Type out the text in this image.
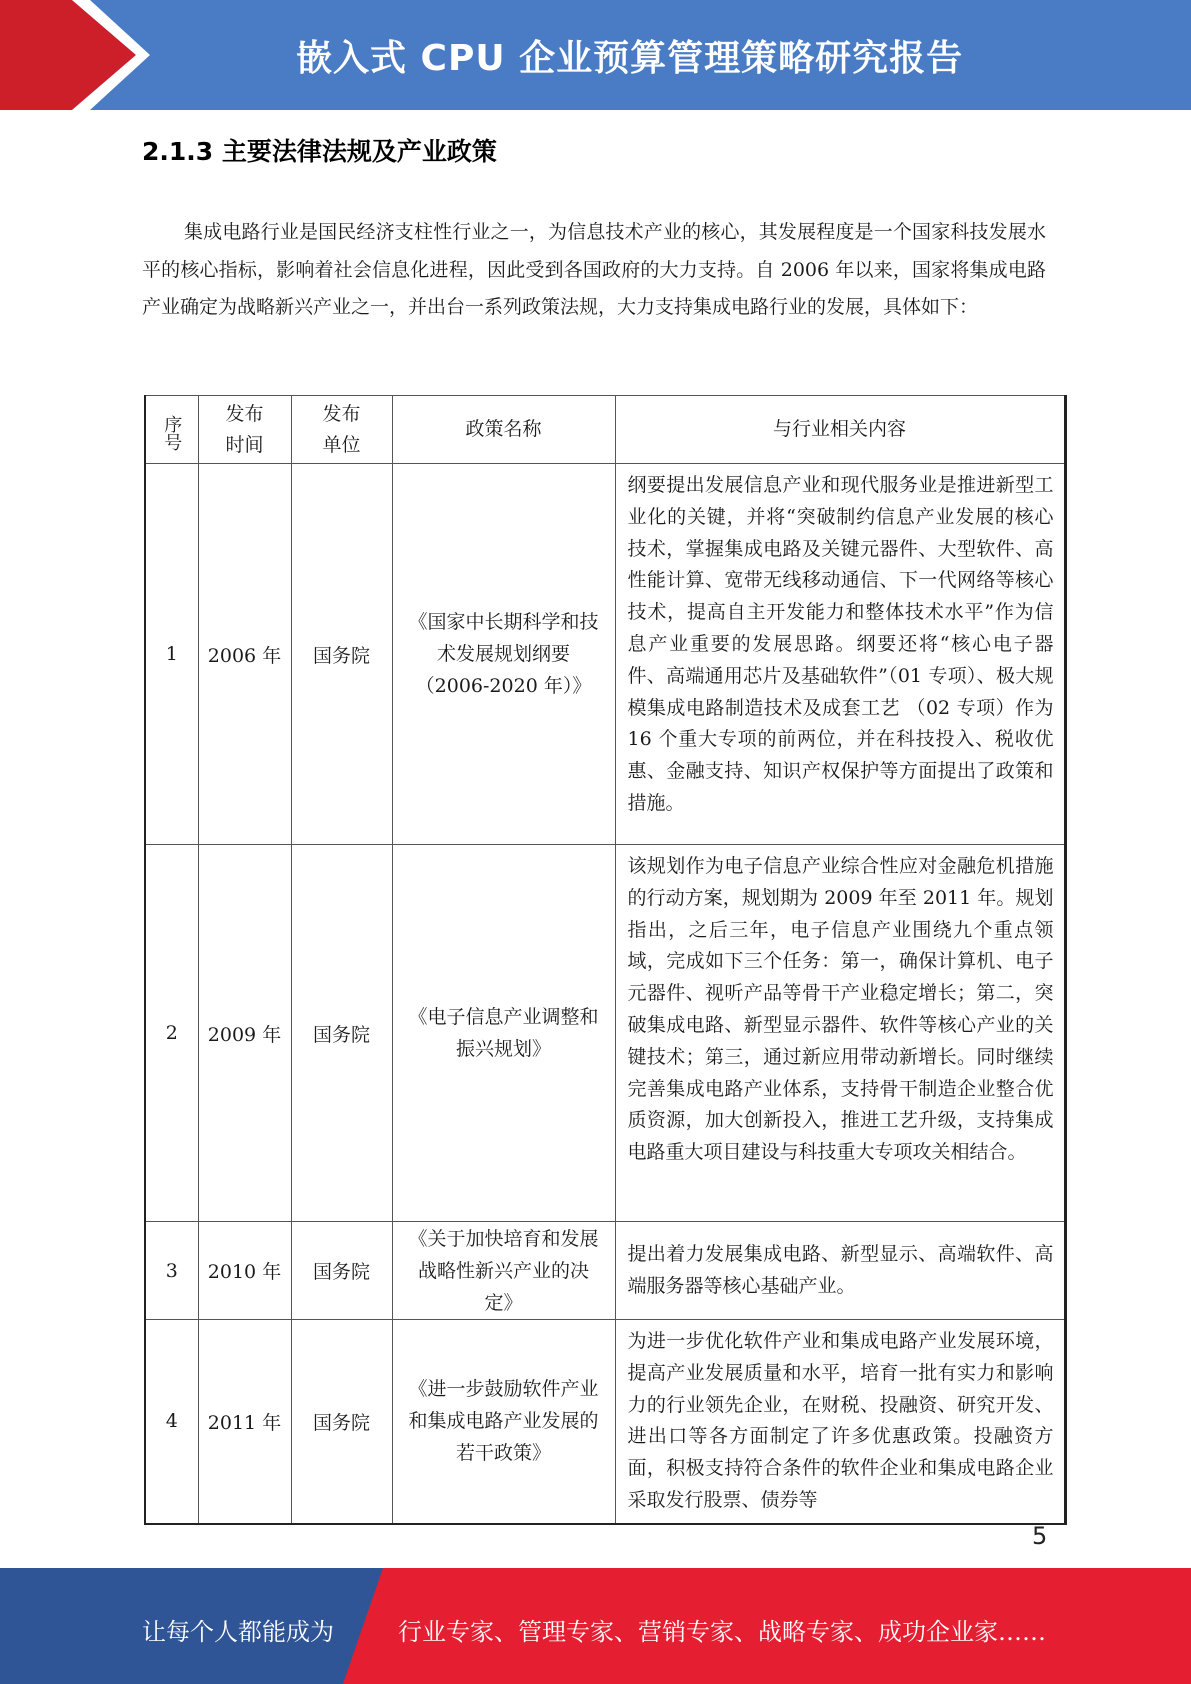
嵌入式 CPU 企业预算管理策略研究报告
2.1.3 主要法律法规及产业政策

集成电路行业是国民经济支柱性行业之一，为信息技术产业的核心，其发展程度是一个国家科技发展水平的核心指标，影响着社会信息化进程，因此受到各国政府的大力支持。自 2006 年以来，国家将集成电路产业确定为战略新兴产业之一，并出台一系列政策法规，大力支持集成电路行业的发展，具体如下：

序号	发布时间	发布单位	政策名称	与行业相关内容
1	2006 年	国务院	《国家中长期科学和技术发展规划纲要（2006-2020 年）》	纲要提出发展信息产业和现代服务业是推进新型工业化的关键，并将“突破制约信息产业发展的核心技术，掌握集成电路及关键元器件、大型软件、高性能计算、宽带无线移动通信、下一代网络等核心技术，提高自主开发能力和整体技术水平”作为信息产业重要的发展思路。纲要还将“核心电子器件、高端通用芯片及基础软件”（01 专项）、极大规模集成电路制造技术及成套工艺 （02 专项）作为 16 个重大专项的前两位，并在科技投入、税收优惠、金融支持、知识产权保护等方面提出了政策和措施。
2	2009 年	国务院	《电子信息产业调整和振兴规划》	该规划作为电子信息产业综合性应对金融危机措施的行动方案，规划期为 2009 年至 2011 年。规划指出，之后三年，电子信息产业围绕九个重点领域，完成如下三个任务：第一，确保计算机、电子元器件、视听产品等骨干产业稳定增长；第二，突破集成电路、新型显示器件、软件等核心产业的关键技术；第三，通过新应用带动新增长。同时继续完善集成电路产业体系，支持骨干制造企业整合优质资源，加大创新投入，推进工艺升级，支持集成电路重大项目建设与科技重大专项攻关相结合。
3	2010 年	国务院	《关于加快培育和发展战略性新兴产业的决定》	提出着力发展集成电路、新型显示、高端软件、高端服务器等核心基础产业。
4	2011 年	国务院	《进一步鼓励软件产业和集成电路产业发展的若干政策》	为进一步优化软件产业和集成电路产业发展环境，提高产业发展质量和水平，培育一批有实力和影响力的行业领先企业，在财税、投融资、研究开发、进出口等各方面制定了许多优惠政策。投融资方面，积极支持符合条件的软件企业和集成电路企业采取发行股票、债券等
5
让每个人都能成为	行业专家、管理专家、营销专家、战略专家、成功企业家……
